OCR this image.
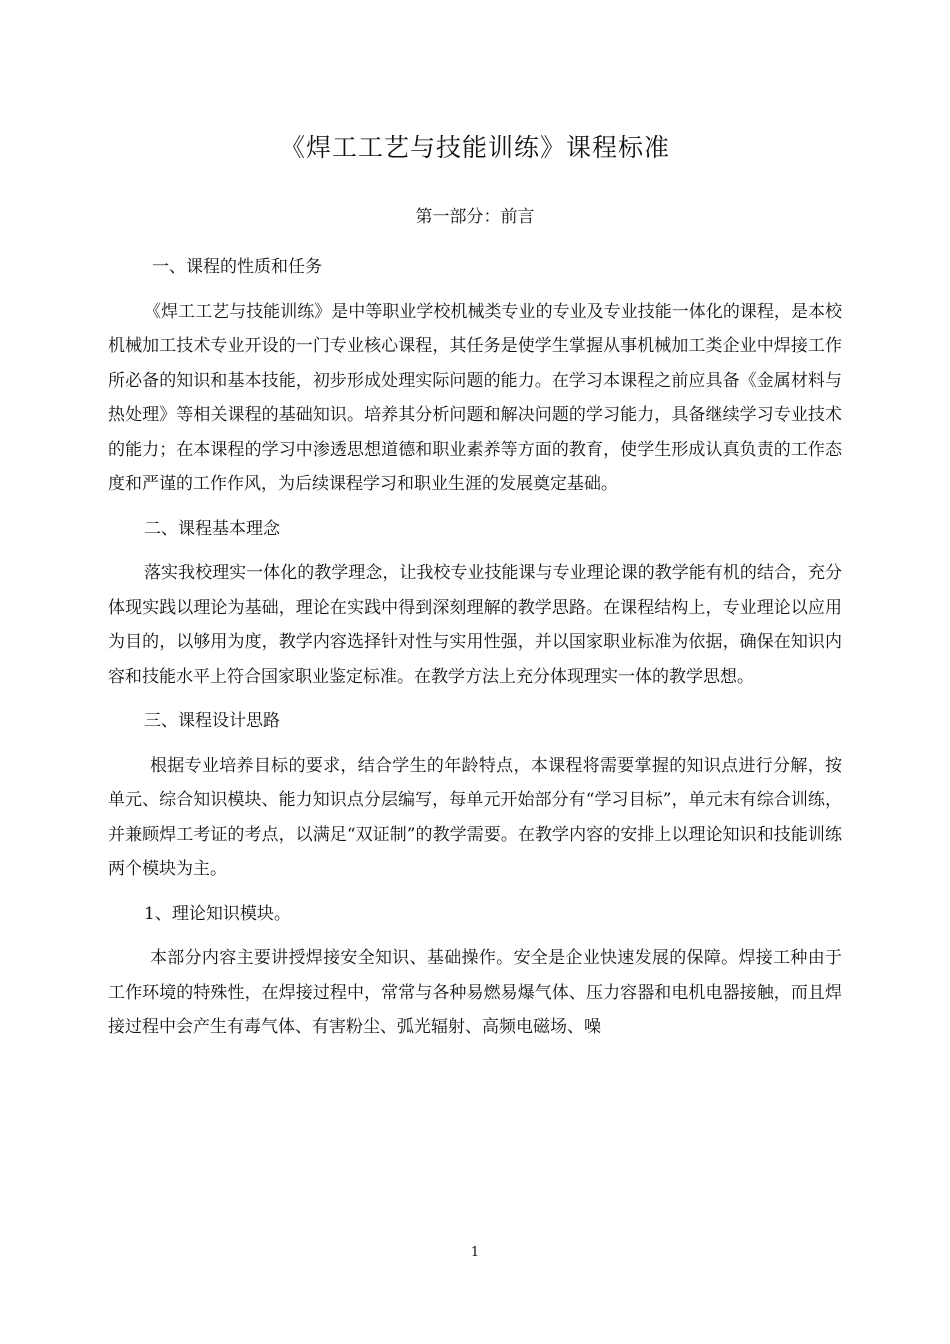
《焊工工艺与技能训练》课程标准
第一部分：前言

一、课程的性质和任务

《焊工工艺与技能训练》是中等职业学校机械类专业的专业及专业技能一体化的课程，是本校机械加工技术专业开设的一门专业核心课程，其任务是使学生掌握从事机械加工类企业中焊接工作所必备的知识和基本技能，初步形成处理实际问题的能力。在学习本课程之前应具备《金属材料与热处理》等相关课程的基础知识。培养其分析问题和解决问题的学习能力，具备继续学习专业技术的能力；在本课程的学习中渗透思想道德和职业素养等方面的教育，使学生形成认真负责的工作态度和严谨的工作作风，为后续课程学习和职业生涯的发展奠定基础。

二、课程基本理念

落实我校理实一体化的教学理念，让我校专业技能课与专业理论课的教学能有机的结合，充分体现实践以理论为基础，理论在实践中得到深刻理解的教学思路。在课程结构上，专业理论以应用为目的，以够用为度，教学内容选择针对性与实用性强，并以国家职业标准为依据，确保在知识内容和技能水平上符合国家职业鉴定标准。在教学方法上充分体现理实一体的教学思想。

三、课程设计思路

根据专业培养目标的要求，结合学生的年龄特点，本课程将需要掌握的知识点进行分解，按单元、综合知识模块、能力知识点分层编写，每单元开始部分有“学习目标”，单元末有综合训练，并兼顾焊工考证的考点，以满足“双证制”的教学需要。在教学内容的安排上以理论知识和技能训练两个模块为主。

1、理论知识模块。

本部分内容主要讲授焊接安全知识、基础操作。安全是企业快速发展的保障。焊接工种由于工作环境的特殊性，在焊接过程中，常常与各种易燃易爆气体、压力容器和电机电器接触，而且焊接过程中会产生有毒气体、有害粉尘、弧光辐射、高频电磁场、噪

1
